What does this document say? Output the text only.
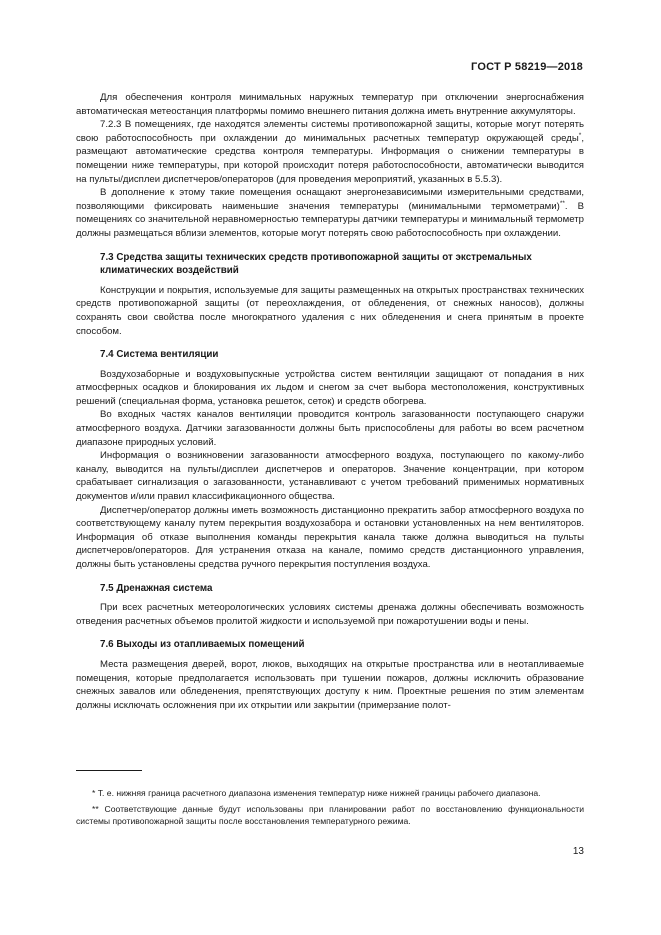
ГОСТ Р 58219—2018

Для обеспечения контроля минимальных наружных температур при отключении энергоснабжения автоматическая метеостанция платформы помимо внешнего питания должна иметь внутренние аккумуляторы.

7.2.3 В помещениях, где находятся элементы системы противопожарной защиты, которые могут потерять свою работоспособность при охлаждении до минимальных расчетных температур окружающей среды*, размещают автоматические средства контроля температуры. Информация о снижении температуры в помещении ниже температуры, при которой происходит потеря работоспособности, автоматически выводится на пульты/дисплеи диспетчеров/операторов (для проведения мероприятий, указанных в 5.5.3).

В дополнение к этому такие помещения оснащают энергонезависимыми измерительными средствами, позволяющими фиксировать наименьшие значения температуры (минимальными термометрами)**. В помещениях со значительной неравномерностью температуры датчики температуры и минимальный термометр должны размещаться вблизи элементов, которые могут потерять свою работоспособность при охлаждении.

7.3 Средства защиты технических средств противопожарной защиты от экстремальных климатических воздействий

Конструкции и покрытия, используемые для защиты размещенных на открытых пространствах технических средств противопожарной защиты (от переохлаждения, от обледенения, от снежных наносов), должны сохранять свои свойства после многократного удаления с них обледенения и снега принятым в проекте способом.

7.4 Система вентиляции

Воздухозаборные и воздуховыпускные устройства систем вентиляции защищают от попадания в них атмосферных осадков и блокирования их льдом и снегом за счет выбора местоположения, конструктивных решений (специальная форма, установка решеток, сеток) и средств обогрева.

Во входных частях каналов вентиляции проводится контроль загазованности поступающего снаружи атмосферного воздуха. Датчики загазованности должны быть приспособлены для работы во всем расчетном диапазоне природных условий.

Информация о возникновении загазованности атмосферного воздуха, поступающего по какому-либо каналу, выводится на пульты/дисплеи диспетчеров и операторов. Значение концентрации, при котором срабатывает сигнализация о загазованности, устанавливают с учетом требований применимых нормативных документов и/или правил классификационного общества.

Диспетчер/оператор должны иметь возможность дистанционно прекратить забор атмосферного воздуха по соответствующему каналу путем перекрытия воздухозабора и остановки установленных на нем вентиляторов. Информация об отказе выполнения команды перекрытия канала также должна выводиться на пульты диспетчеров/операторов. Для устранения отказа на канале, помимо средств дистанционного управления, должны быть установлены средства ручного перекрытия поступления воздуха.

7.5 Дренажная система

При всех расчетных метеорологических условиях системы дренажа должны обеспечивать возможность отведения расчетных объемов пролитой жидкости и используемой при пожаротушении воды и пены.

7.6 Выходы из отапливаемых помещений

Места размещения дверей, ворот, люков, выходящих на открытые пространства или в неотапливаемые помещения, которые предполагается использовать при тушении пожаров, должны исключить образование снежных завалов или обледенения, препятствующих доступу к ним. Проектные решения по этим элементам должны исключать осложнения при их открытии или закрытии (примерзание полот-

* Т. е. нижняя граница расчетного диапазона изменения температур ниже нижней границы рабочего диапазона.

** Соответствующие данные будут использованы при планировании работ по восстановлению функциональности системы противопожарной защиты после восстановления температурного режима.

13
